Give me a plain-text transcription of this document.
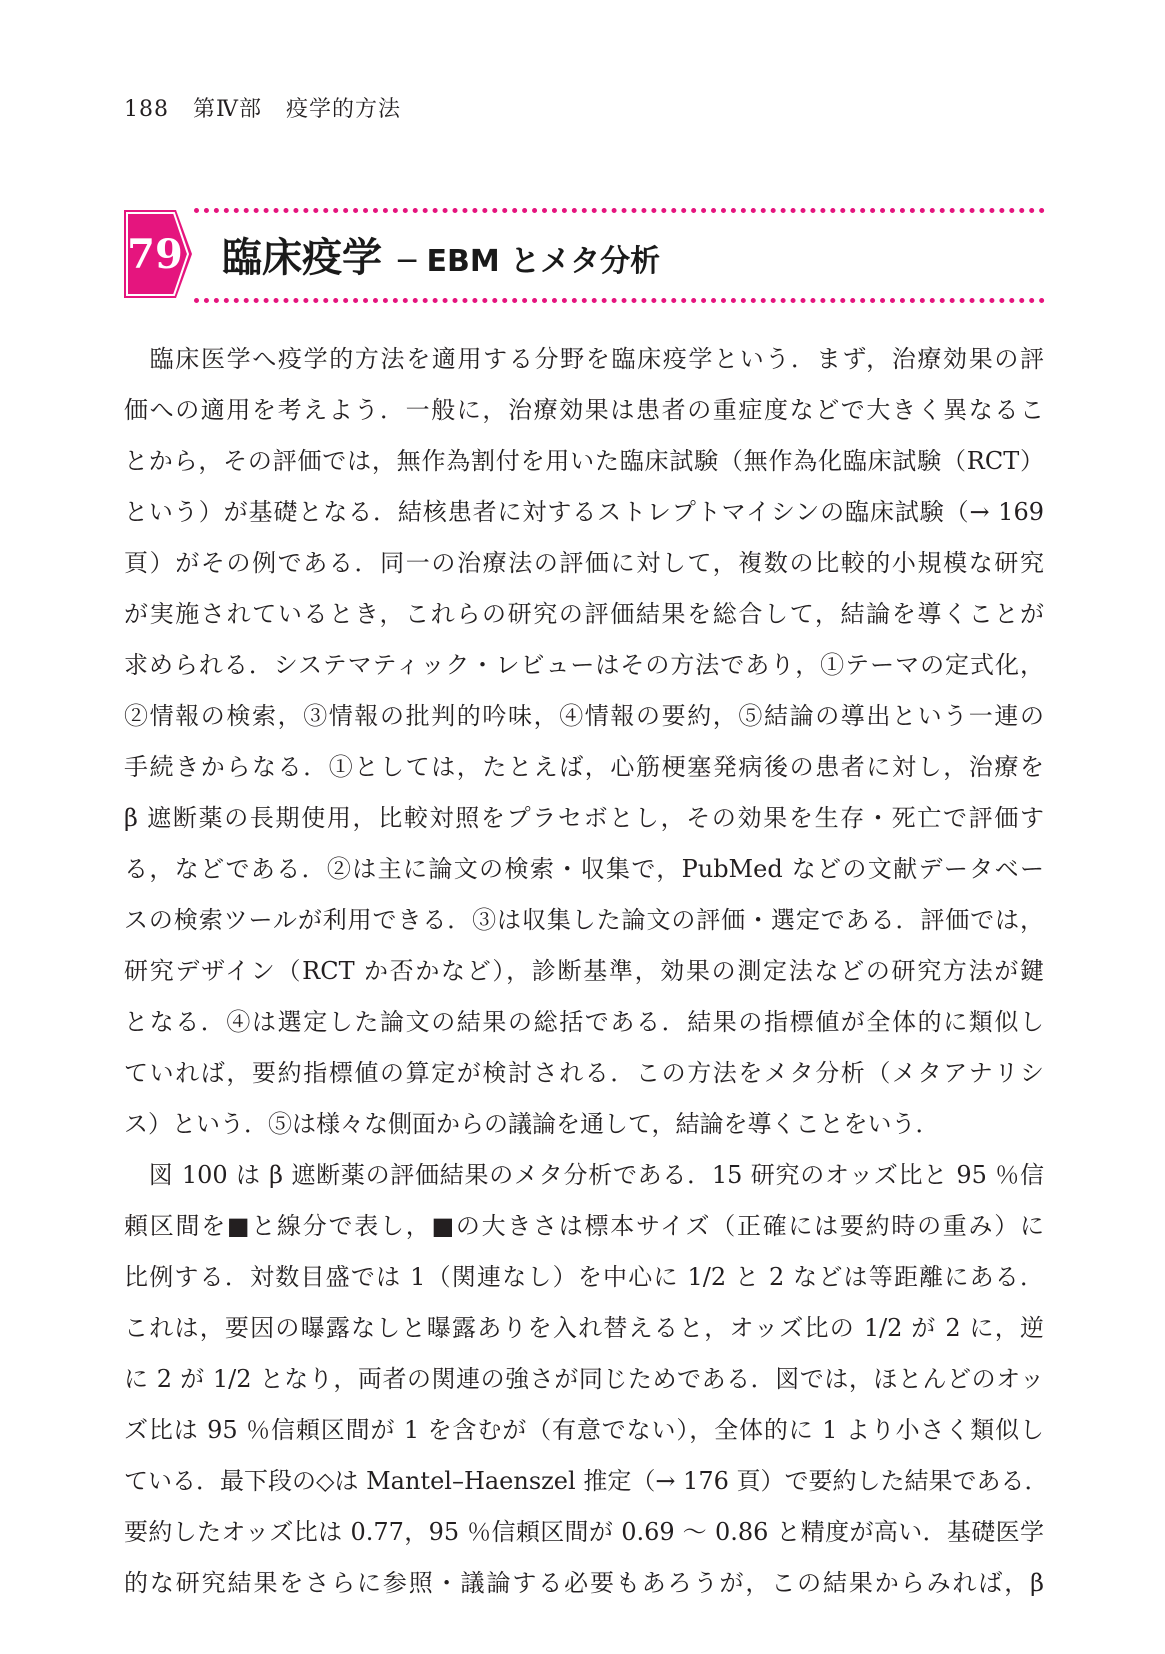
188 第Ⅳ部 疫学的方法
79 臨床疫学 ─ EBM とメタ分析
　臨床医学へ疫学的方法を適用する分野を臨床疫学という．まず，治療効果の評
価への適用を考えよう．一般に，治療効果は患者の重症度などで大きく異なるこ
とから，その評価では，無作為割付を用いた臨床試験（無作為化臨床試験（RCT）
という）が基礎となる．結核患者に対するストレプトマイシンの臨床試験（→ 169
頁）がその例である．同一の治療法の評価に対して，複数の比較的小規模な研究
が実施されているとき，これらの研究の評価結果を総合して，結論を導くことが
求められる．システマティック・レビューはその方法であり，①テーマの定式化，
②情報の検索，③情報の批判的吟味，④情報の要約，⑤結論の導出という一連の
手続きからなる．①としては，たとえば，心筋梗塞発病後の患者に対し，治療を
β 遮断薬の長期使用，比較対照をプラセボとし，その効果を生存・死亡で評価す
る，などである．②は主に論文の検索・収集で，PubMed などの文献データベー
スの検索ツールが利用できる．③は収集した論文の評価・選定である．評価では，
研究デザイン（RCT か否かなど），診断基準，効果の測定法などの研究方法が鍵
となる．④は選定した論文の結果の総括である．結果の指標値が全体的に類似し
ていれば，要約指標値の算定が検討される．この方法をメタ分析（メタアナリシ
ス）という．⑤は様々な側面からの議論を通して，結論を導くことをいう．
　図 100 は β 遮断薬の評価結果のメタ分析である．15 研究のオッズ比と 95 ％信
頼区間を■と線分で表し，■の大きさは標本サイズ（正確には要約時の重み）に
比例する．対数目盛では 1（関連なし）を中心に 1/2 と 2 などは等距離にある．
これは，要因の曝露なしと曝露ありを入れ替えると，オッズ比の 1/2 が 2 に，逆
に 2 が 1/2 となり，両者の関連の強さが同じためである．図では，ほとんどのオッ
ズ比は 95 ％信頼区間が 1 を含むが（有意でない），全体的に 1 より小さく類似し
ている．最下段の◇は Mantel–Haenszel 推定（→ 176 頁）で要約した結果である．
要約したオッズ比は 0.77，95 ％信頼区間が 0.69 ～ 0.86 と精度が高い．基礎医学
的な研究結果をさらに参照・議論する必要もあろうが，この結果からみれば，β
